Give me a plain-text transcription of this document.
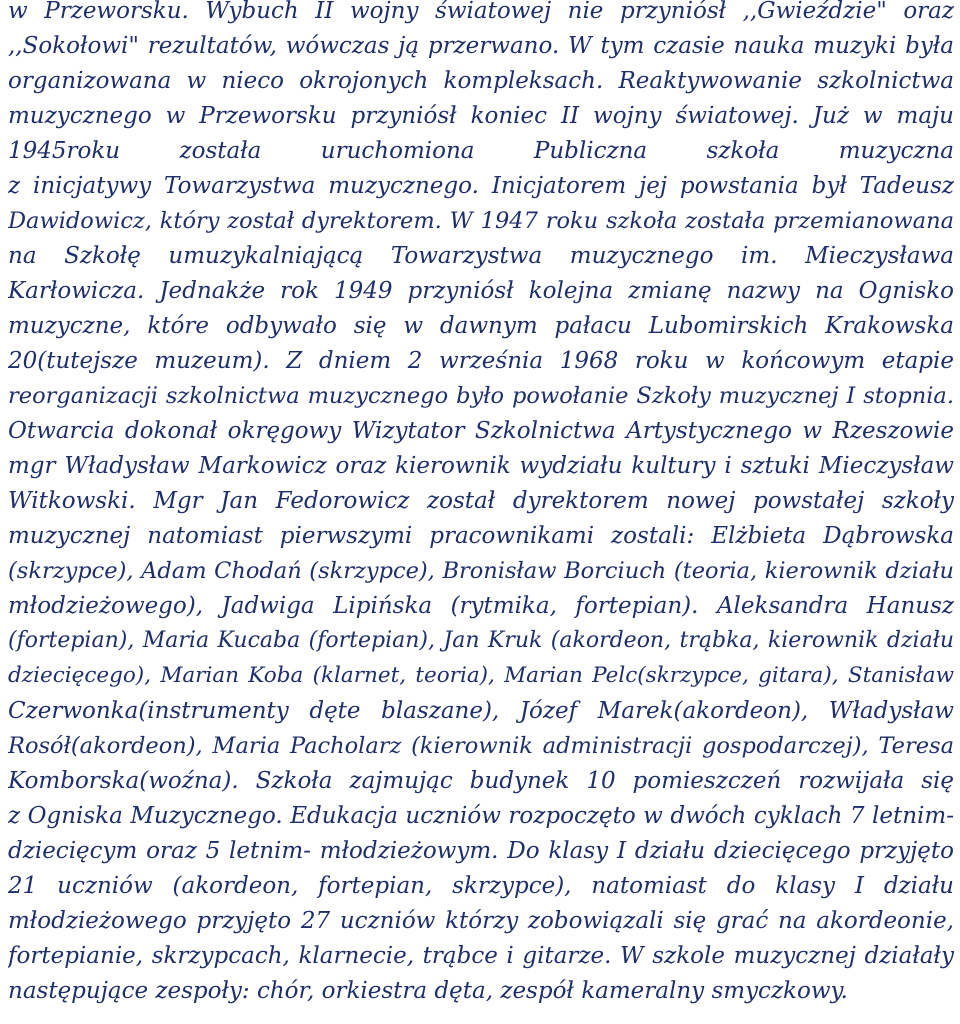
w Przeworsku. Wybuch II wojny światowej nie przyniósł ,,Gwieździe" oraz
,,Sokołowi" rezultatów, wówczas ją przerwano. W tym czasie nauka muzyki była
organizowana w nieco okrojonych kompleksach. Reaktywowanie szkolnictwa
muzycznego w Przeworsku przyniósł koniec II wojny światowej. Już w maju
1945roku została uruchomiona Publiczna szkoła muzyczna
z inicjatywy Towarzystwa muzycznego. Inicjatorem jej powstania był Tadeusz
Dawidowicz, który został dyrektorem. W 1947 roku szkoła została przemianowana
na Szkołę umuzykalniającą Towarzystwa muzycznego im. Mieczysława
Karłowicza. Jednakże rok 1949 przyniósł kolejna zmianę nazwy na Ognisko
muzyczne, które odbywało się w dawnym pałacu Lubomirskich Krakowska
20(tutejsze muzeum). Z dniem 2 września 1968 roku w końcowym etapie
reorganizacji szkolnictwa muzycznego było powołanie Szkoły muzycznej I stopnia.
Otwarcia dokonał okręgowy Wizytator Szkolnictwa Artystycznego w Rzeszowie
mgr Władysław Markowicz oraz kierownik wydziału kultury i sztuki Mieczysław
Witkowski. Mgr Jan Fedorowicz został dyrektorem nowej powstałej szkoły
muzycznej natomiast pierwszymi pracownikami zostali: Elżbieta Dąbrowska
(skrzypce), Adam Chodań (skrzypce), Bronisław Borciuch (teoria, kierownik działu
młodzieżowego), Jadwiga Lipińska (rytmika, fortepian). Aleksandra Hanusz
(fortepian), Maria Kucaba (fortepian), Jan Kruk (akordeon, trąbka, kierownik działu
dziecięcego), Marian Koba (klarnet, teoria), Marian Pelc(skrzypce, gitara), Stanisław
Czerwonka(instrumenty dęte blaszane), Józef Marek(akordeon), Władysław
Rosół(akordeon), Maria Pacholarz (kierownik administracji gospodarczej), Teresa
Komborska(woźna). Szkoła zajmując budynek 10 pomieszczeń rozwijała się
z Ogniska Muzycznego. Edukacja uczniów rozpoczęto w dwóch cyklach 7 letnim-
dziecięcym oraz 5 letnim- młodzieżowym. Do klasy I działu dziecięcego przyjęto
21 uczniów (akordeon, fortepian, skrzypce), natomiast do klasy I działu
młodzieżowego przyjęto 27 uczniów którzy zobowiązali się grać na akordeonie,
fortepianie, skrzypcach, klarnecie, trąbce i gitarze. W szkole muzycznej działały
następujące zespoły: chór, orkiestra dęta, zespół kameralny smyczkowy.
